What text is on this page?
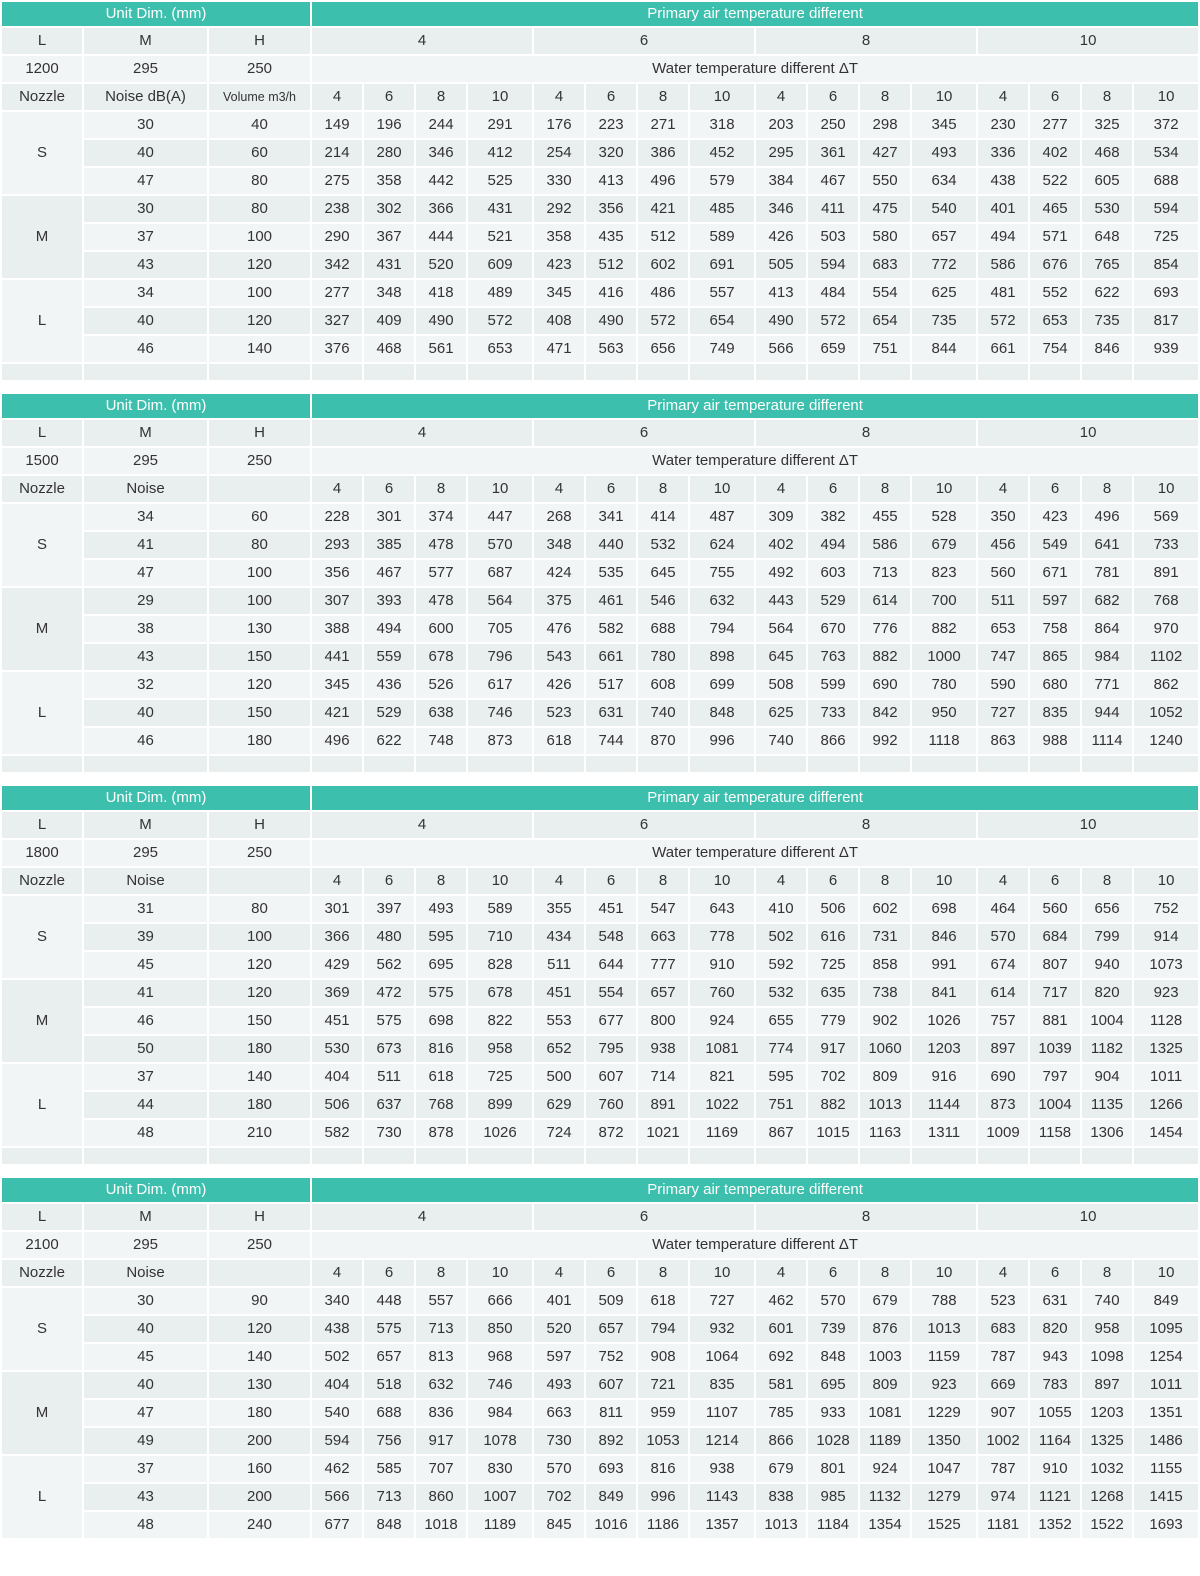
Unit Dim. (mm)			Primary air temperature different															
L	M	H	4				6				8				10			
1200	295	250	Water temperature different ΔT															
Nozzle	Noise dB(A)	Volume m3/h	4	6	8	10	4	6	8	10	4	6	8	10	4	6	8	10
S	30	40	149	196	244	291	176	223	271	318	203	250	298	345	230	277	325	372
	40	60	214	280	346	412	254	320	386	452	295	361	427	493	336	402	468	534
	47	80	275	358	442	525	330	413	496	579	384	467	550	634	438	522	605	688
M	30	80	238	302	366	431	292	356	421	485	346	411	475	540	401	465	530	594
	37	100	290	367	444	521	358	435	512	589	426	503	580	657	494	571	648	725
	43	120	342	431	520	609	423	512	602	691	505	594	683	772	586	676	765	854
L	34	100	277	348	418	489	345	416	486	557	413	484	554	625	481	552	622	693
	40	120	327	409	490	572	408	490	572	654	490	572	654	735	572	653	735	817
	46	140	376	468	561	653	471	563	656	749	566	659	751	844	661	754	846	939

Unit Dim. (mm)			Primary air temperature different															
L	M	H	4				6				8				10			
1500	295	250	Water temperature different ΔT															
Nozzle	Noise		4	6	8	10	4	6	8	10	4	6	8	10	4	6	8	10
S	34	60	228	301	374	447	268	341	414	487	309	382	455	528	350	423	496	569
	41	80	293	385	478	570	348	440	532	624	402	494	586	679	456	549	641	733
	47	100	356	467	577	687	424	535	645	755	492	603	713	823	560	671	781	891
M	29	100	307	393	478	564	375	461	546	632	443	529	614	700	511	597	682	768
	38	130	388	494	600	705	476	582	688	794	564	670	776	882	653	758	864	970
	43	150	441	559	678	796	543	661	780	898	645	763	882	1000	747	865	984	1102
L	32	120	345	436	526	617	426	517	608	699	508	599	690	780	590	680	771	862
	40	150	421	529	638	746	523	631	740	848	625	733	842	950	727	835	944	1052
	46	180	496	622	748	873	618	744	870	996	740	866	992	1118	863	988	1114	1240

Unit Dim. (mm)			Primary air temperature different															
L	M	H	4				6				8				10			
1800	295	250	Water temperature different ΔT															
Nozzle	Noise		4	6	8	10	4	6	8	10	4	6	8	10	4	6	8	10
S	31	80	301	397	493	589	355	451	547	643	410	506	602	698	464	560	656	752
	39	100	366	480	595	710	434	548	663	778	502	616	731	846	570	684	799	914
	45	120	429	562	695	828	511	644	777	910	592	725	858	991	674	807	940	1073
M	41	120	369	472	575	678	451	554	657	760	532	635	738	841	614	717	820	923
	46	150	451	575	698	822	553	677	800	924	655	779	902	1026	757	881	1004	1128
	50	180	530	673	816	958	652	795	938	1081	774	917	1060	1203	897	1039	1182	1325
L	37	140	404	511	618	725	500	607	714	821	595	702	809	916	690	797	904	1011
	44	180	506	637	768	899	629	760	891	1022	751	882	1013	1144	873	1004	1135	1266
	48	210	582	730	878	1026	724	872	1021	1169	867	1015	1163	1311	1009	1158	1306	1454

Unit Dim. (mm)			Primary air temperature different															
L	M	H	4				6				8				10			
2100	295	250	Water temperature different ΔT															
Nozzle	Noise		4	6	8	10	4	6	8	10	4	6	8	10	4	6	8	10
S	30	90	340	448	557	666	401	509	618	727	462	570	679	788	523	631	740	849
	40	120	438	575	713	850	520	657	794	932	601	739	876	1013	683	820	958	1095
	45	140	502	657	813	968	597	752	908	1064	692	848	1003	1159	787	943	1098	1254
M	40	130	404	518	632	746	493	607	721	835	581	695	809	923	669	783	897	1011
	47	180	540	688	836	984	663	811	959	1107	785	933	1081	1229	907	1055	1203	1351
	49	200	594	756	917	1078	730	892	1053	1214	866	1028	1189	1350	1002	1164	1325	1486
L	37	160	462	585	707	830	570	693	816	938	679	801	924	1047	787	910	1032	1155
	43	200	566	713	860	1007	702	849	996	1143	838	985	1132	1279	974	1121	1268	1415
	48	240	677	848	1018	1189	845	1016	1186	1357	1013	1184	1354	1525	1181	1352	1522	1693
